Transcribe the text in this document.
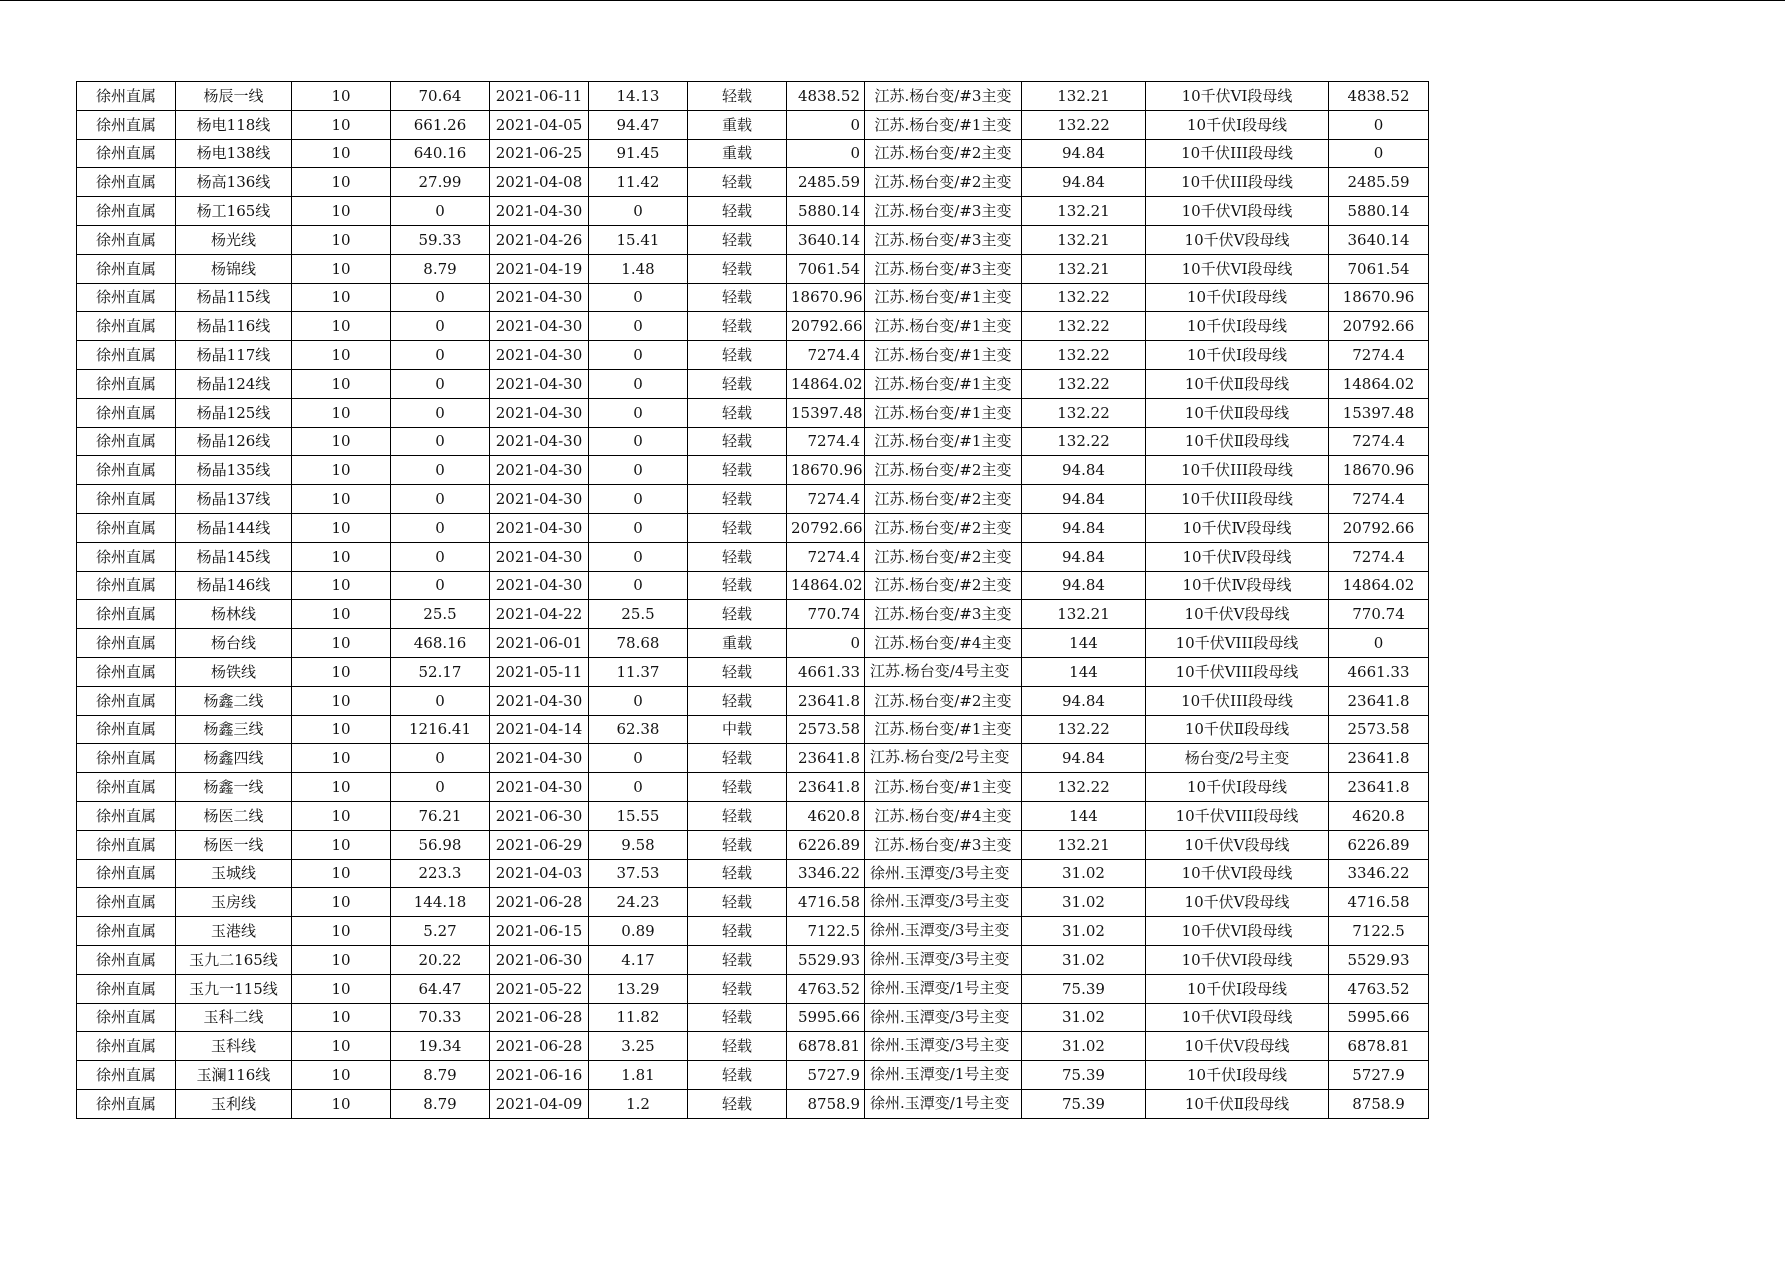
徐州直属	杨辰一线	10	70.64	2021-06-11	14.13	轻载	4838.52	江苏.杨台变/#3主变	132.21	10千伏VI段母线	4838.52
徐州直属	杨电118线	10	661.26	2021-04-05	94.47	重载	0	江苏.杨台变/#1主变	132.22	10千伏Ⅰ段母线	0
徐州直属	杨电138线	10	640.16	2021-06-25	91.45	重载	0	江苏.杨台变/#2主变	94.84	10千伏III段母线	0
徐州直属	杨高136线	10	27.99	2021-04-08	11.42	轻载	2485.59	江苏.杨台变/#2主变	94.84	10千伏III段母线	2485.59
徐州直属	杨工165线	10	0	2021-04-30	0	轻载	5880.14	江苏.杨台变/#3主变	132.21	10千伏VI段母线	5880.14
徐州直属	杨光线	10	59.33	2021-04-26	15.41	轻载	3640.14	江苏.杨台变/#3主变	132.21	10千伏Ⅴ段母线	3640.14
徐州直属	杨锦线	10	8.79	2021-04-19	1.48	轻载	7061.54	江苏.杨台变/#3主变	132.21	10千伏VI段母线	7061.54
徐州直属	杨晶115线	10	0	2021-04-30	0	轻载	18670.96	江苏.杨台变/#1主变	132.22	10千伏Ⅰ段母线	18670.96
徐州直属	杨晶116线	10	0	2021-04-30	0	轻载	20792.66	江苏.杨台变/#1主变	132.22	10千伏Ⅰ段母线	20792.66
徐州直属	杨晶117线	10	0	2021-04-30	0	轻载	7274.4	江苏.杨台变/#1主变	132.22	10千伏Ⅰ段母线	7274.4
徐州直属	杨晶124线	10	0	2021-04-30	0	轻载	14864.02	江苏.杨台变/#1主变	132.22	10千伏Ⅱ段母线	14864.02
徐州直属	杨晶125线	10	0	2021-04-30	0	轻载	15397.48	江苏.杨台变/#1主变	132.22	10千伏Ⅱ段母线	15397.48
徐州直属	杨晶126线	10	0	2021-04-30	0	轻载	7274.4	江苏.杨台变/#1主变	132.22	10千伏Ⅱ段母线	7274.4
徐州直属	杨晶135线	10	0	2021-04-30	0	轻载	18670.96	江苏.杨台变/#2主变	94.84	10千伏III段母线	18670.96
徐州直属	杨晶137线	10	0	2021-04-30	0	轻载	7274.4	江苏.杨台变/#2主变	94.84	10千伏III段母线	7274.4
徐州直属	杨晶144线	10	0	2021-04-30	0	轻载	20792.66	江苏.杨台变/#2主变	94.84	10千伏Ⅳ段母线	20792.66
徐州直属	杨晶145线	10	0	2021-04-30	0	轻载	7274.4	江苏.杨台变/#2主变	94.84	10千伏Ⅳ段母线	7274.4
徐州直属	杨晶146线	10	0	2021-04-30	0	轻载	14864.02	江苏.杨台变/#2主变	94.84	10千伏Ⅳ段母线	14864.02
徐州直属	杨林线	10	25.5	2021-04-22	25.5	轻载	770.74	江苏.杨台变/#3主变	132.21	10千伏Ⅴ段母线	770.74
徐州直属	杨台线	10	468.16	2021-06-01	78.68	重载	0	江苏.杨台变/#4主变	144	10千伏VIII段母线	0
徐州直属	杨铁线	10	52.17	2021-05-11	11.37	轻载	4661.33	江苏.杨台变/4号主变	144	10千伏VIII段母线	4661.33
徐州直属	杨鑫二线	10	0	2021-04-30	0	轻载	23641.8	江苏.杨台变/#2主变	94.84	10千伏III段母线	23641.8
徐州直属	杨鑫三线	10	1216.41	2021-04-14	62.38	中载	2573.58	江苏.杨台变/#1主变	132.22	10千伏Ⅱ段母线	2573.58
徐州直属	杨鑫四线	10	0	2021-04-30	0	轻载	23641.8	江苏.杨台变/2号主变	94.84	杨台变/2号主变	23641.8
徐州直属	杨鑫一线	10	0	2021-04-30	0	轻载	23641.8	江苏.杨台变/#1主变	132.22	10千伏Ⅰ段母线	23641.8
徐州直属	杨医二线	10	76.21	2021-06-30	15.55	轻载	4620.8	江苏.杨台变/#4主变	144	10千伏VIII段母线	4620.8
徐州直属	杨医一线	10	56.98	2021-06-29	9.58	轻载	6226.89	江苏.杨台变/#3主变	132.21	10千伏Ⅴ段母线	6226.89
徐州直属	玉城线	10	223.3	2021-04-03	37.53	轻载	3346.22	徐州.玉潭变/3号主变	31.02	10千伏VI段母线	3346.22
徐州直属	玉房线	10	144.18	2021-06-28	24.23	轻载	4716.58	徐州.玉潭变/3号主变	31.02	10千伏Ⅴ段母线	4716.58
徐州直属	玉港线	10	5.27	2021-06-15	0.89	轻载	7122.5	徐州.玉潭变/3号主变	31.02	10千伏VI段母线	7122.5
徐州直属	玉九二165线	10	20.22	2021-06-30	4.17	轻载	5529.93	徐州.玉潭变/3号主变	31.02	10千伏VI段母线	5529.93
徐州直属	玉九一115线	10	64.47	2021-05-22	13.29	轻载	4763.52	徐州.玉潭变/1号主变	75.39	10千伏Ⅰ段母线	4763.52
徐州直属	玉科二线	10	70.33	2021-06-28	11.82	轻载	5995.66	徐州.玉潭变/3号主变	31.02	10千伏VI段母线	5995.66
徐州直属	玉科线	10	19.34	2021-06-28	3.25	轻载	6878.81	徐州.玉潭变/3号主变	31.02	10千伏Ⅴ段母线	6878.81
徐州直属	玉澜116线	10	8.79	2021-06-16	1.81	轻载	5727.9	徐州.玉潭变/1号主变	75.39	10千伏Ⅰ段母线	5727.9
徐州直属	玉利线	10	8.79	2021-04-09	1.2	轻载	8758.9	徐州.玉潭变/1号主变	75.39	10千伏Ⅱ段母线	8758.9
